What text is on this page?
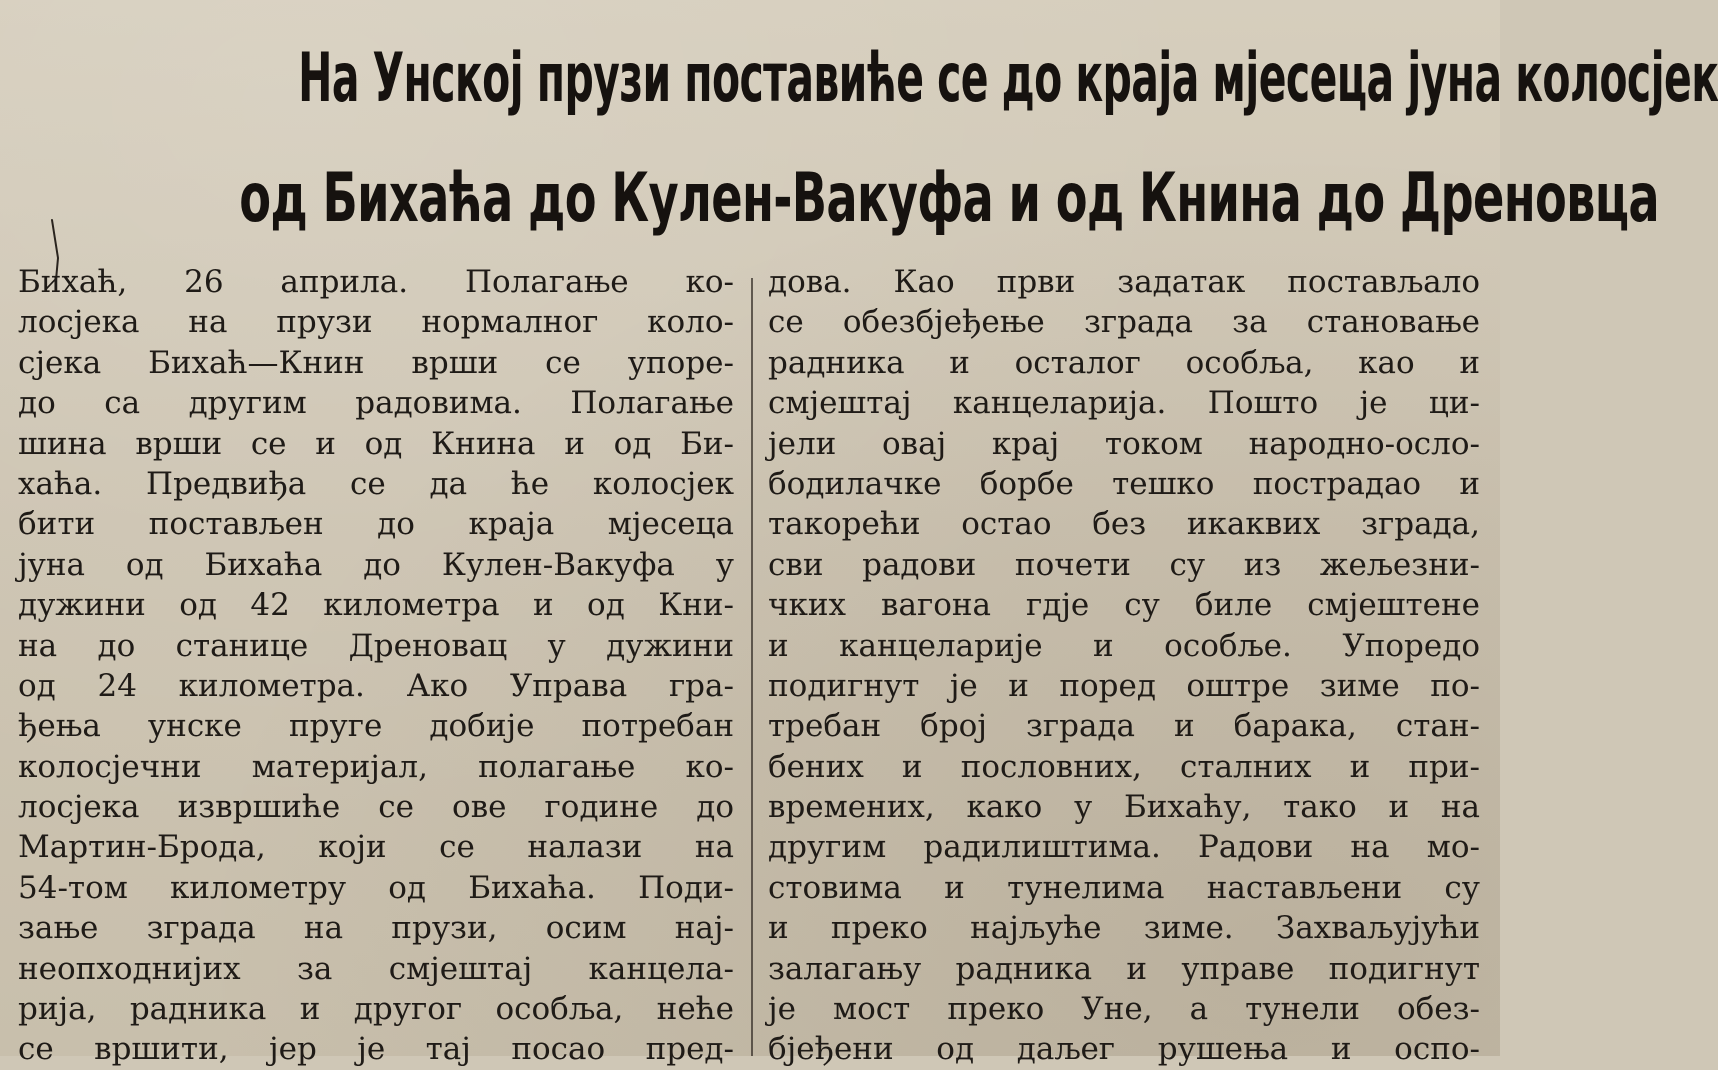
На Унској прузи поставиће се до краја мјесеца јуна колосјек
од Бихаћа до Кулен-Вакуфа и од Книна до Дреновца
Бихаћ, 26 априла. Полагање ко-
лосјека на прузи нормалног коло-
сјека Бихаћ—Книн врши се упоре-
до са другим радовима. Полагање
шина врши се и од Книна и од Би-
хаћа. Предвиђа се да ће колосјек
бити постављен до краја мјесеца
јуна од Бихаћа до Кулен-Вакуфа у
дужини од 42 километра и од Кни-
на до станице Дреновац у дужини
од 24 километра. Ако Управа гра-
ђења унске пруге добије потребан
колосјечни материјал, полагање ко-
лосјека извршиће се ове године до
Мартин-Брода, који се налази на
54-том километру од Бихаћа. Поди-
зање зграда на прузи, осим нај-
неопходнијих за смјештај канцела-
рија, радника и другог особља, неће
се вршити, јер је тај посао пред-
дова. Као први задатак постављало
се обезбјеђење зграда за становање
радника и осталог особља, као и
смјештај канцеларија. Пошто је ци-
јели овај крај током народно-осло-
бодилачке борбе тешко пострадао и
такорећи остао без икаквих зграда,
сви радови почети су из жељезни-
чких вагона гдје су биле смјештене
и канцеларије и особље. Упоредо
подигнут је и поред оштре зиме по-
требан број зграда и барака, стан-
бених и пословних, сталних и при-
времених, како у Бихаћу, тако и на
другим радилиштима. Радови на мо-
стовима и тунелима настављени су
и преко најљуће зиме. Захваљујући
залагању радника и управе подигнут
је мост преко Уне, а тунели обез-
бјеђени од даљег рушења и оспо-
